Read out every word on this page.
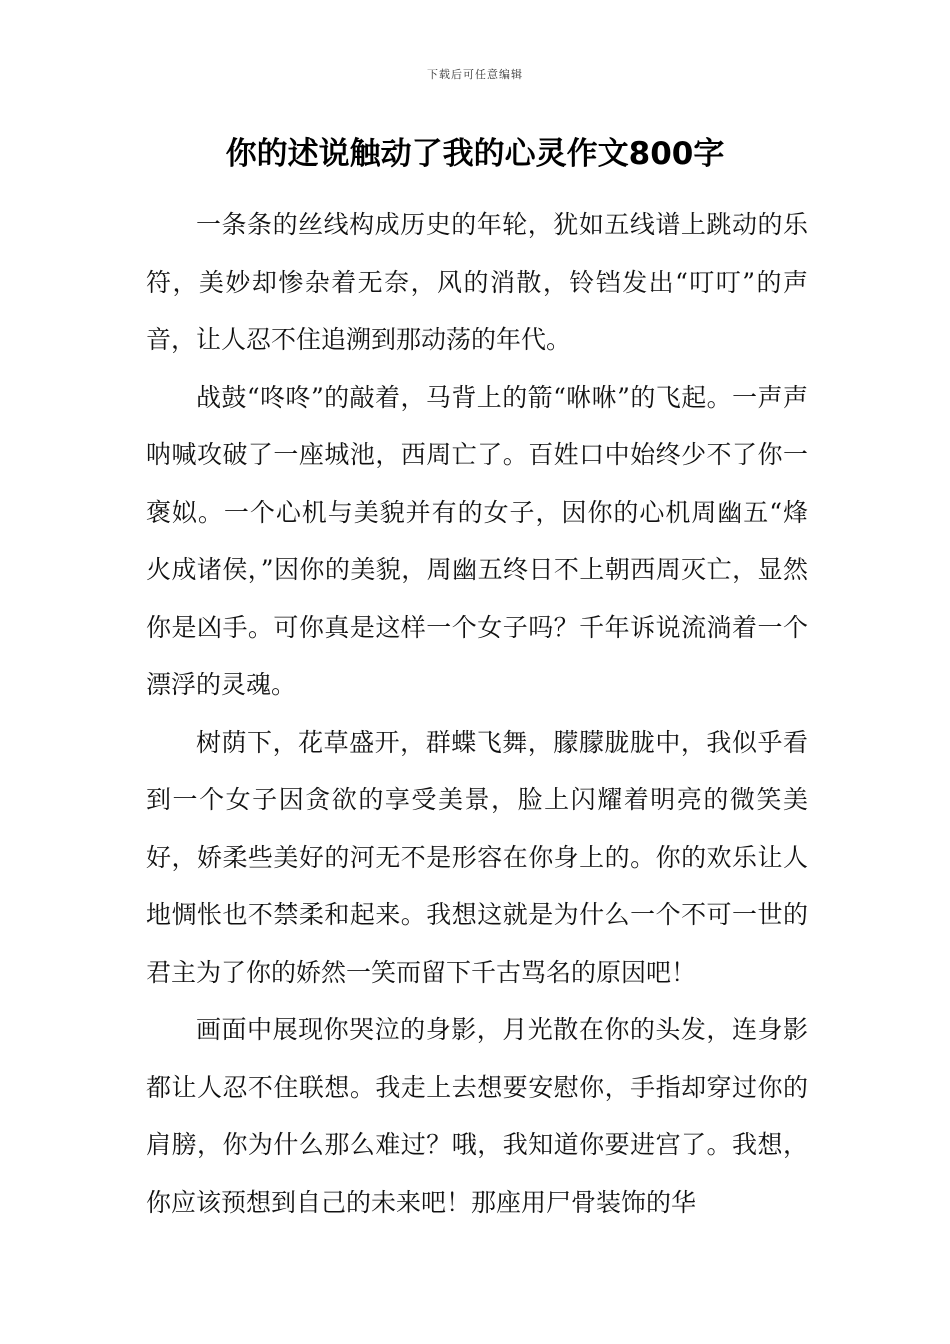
下载后可任意编辑
你的述说触动了我的心灵作文800字

一条条的丝线构成历史的年轮，犹如五线谱上跳动的乐符，美妙却惨杂着无奈，风的消散，铃铛发出“叮叮”的声音，让人忍不住追溯到那动荡的年代。

战鼓“咚咚”的敲着，马背上的箭“咻咻”的飞起。一声声呐喊攻破了一座城池，西周亡了。百姓口中始终少不了你一褒姒。一个心机与美貌并有的女子，因你的心机周幽五“烽火成诸侯，”因你的美貌，周幽五终日不上朝西周灭亡，显然你是凶手。可你真是这样一个女子吗？千年诉说流淌着一个漂浮的灵魂。

树荫下，花草盛开，群蝶飞舞，朦朦胧胧中，我似乎看到一个女子因贪欲的享受美景，脸上闪耀着明亮的微笑美好，娇柔些美好的河无不是形容在你身上的。你的欢乐让人地惆怅也不禁柔和起来。我想这就是为什么一个不可一世的君主为了你的娇然一笑而留下千古骂名的原因吧！

画面中展现你哭泣的身影，月光散在你的头发，连身影都让人忍不住联想。我走上去想要安慰你，手指却穿过你的肩膀，你为什么那么难过？哦，我知道你要进宫了。我想，你应该预想到自己的未来吧！那座用尸骨装饰的华
